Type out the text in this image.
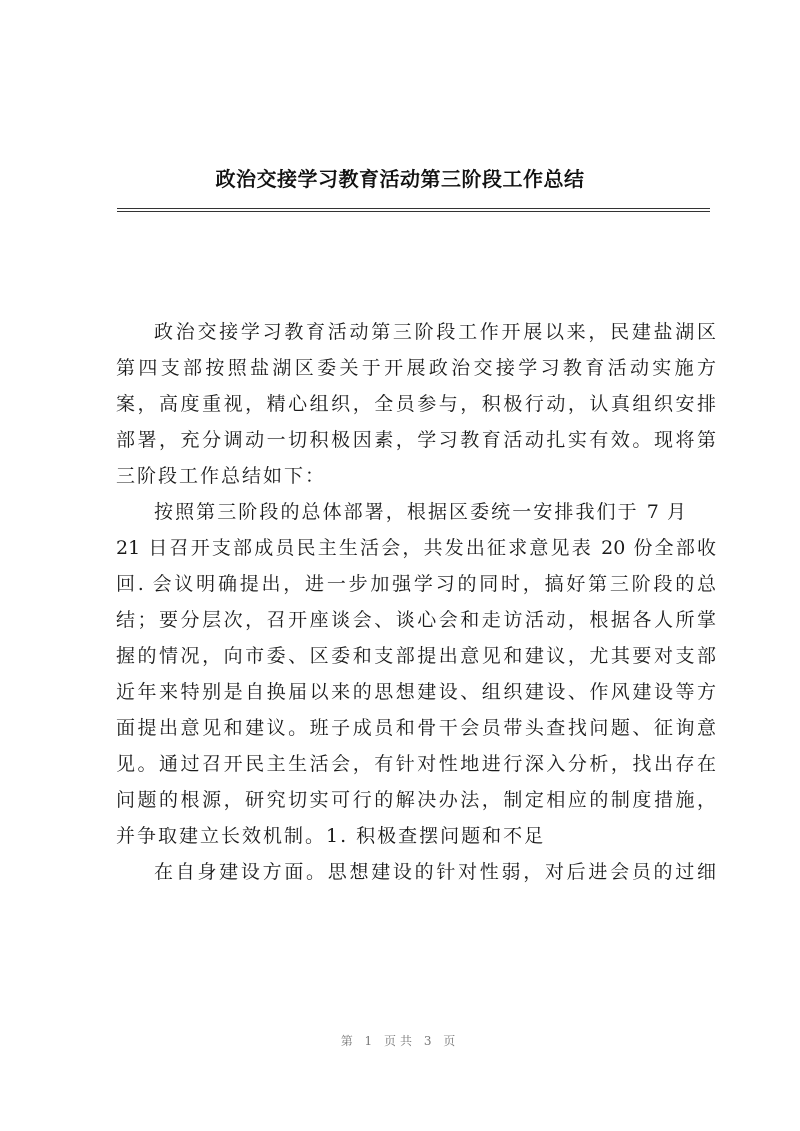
政治交接学习教育活动第三阶段工作总结
政治交接学习教育活动第三阶段工作开展以来，民建盐湖区
第四支部按照盐湖区委关于开展政治交接学习教育活动实施方
案，高度重视，精心组织，全员参与，积极行动，认真组织安排
部署，充分调动一切积极因素，学习教育活动扎实有效。现将第
三阶段工作总结如下：
按照第三阶段的总体部署，根据区委统一安排我们于 7 月
21 日召开支部成员民主生活会，共发出征求意见表 20 份全部收
回. 会议明确提出，进一步加强学习的同时，搞好第三阶段的总
结；要分层次，召开座谈会、谈心会和走访活动，根据各人所掌
握的情况，向市委、区委和支部提出意见和建议，尤其要对支部
近年来特别是自换届以来的思想建设、组织建设、作风建设等方
面提出意见和建议。班子成员和骨干会员带头查找问题、征询意
见。通过召开民主生活会，有针对性地进行深入分析，找出存在
问题的根源，研究切实可行的解决办法，制定相应的制度措施，
并争取建立长效机制。1. 积极查摆问题和不足
在自身建设方面。思想建设的针对性弱，对后进会员的过细
第 1 页共 3 页
